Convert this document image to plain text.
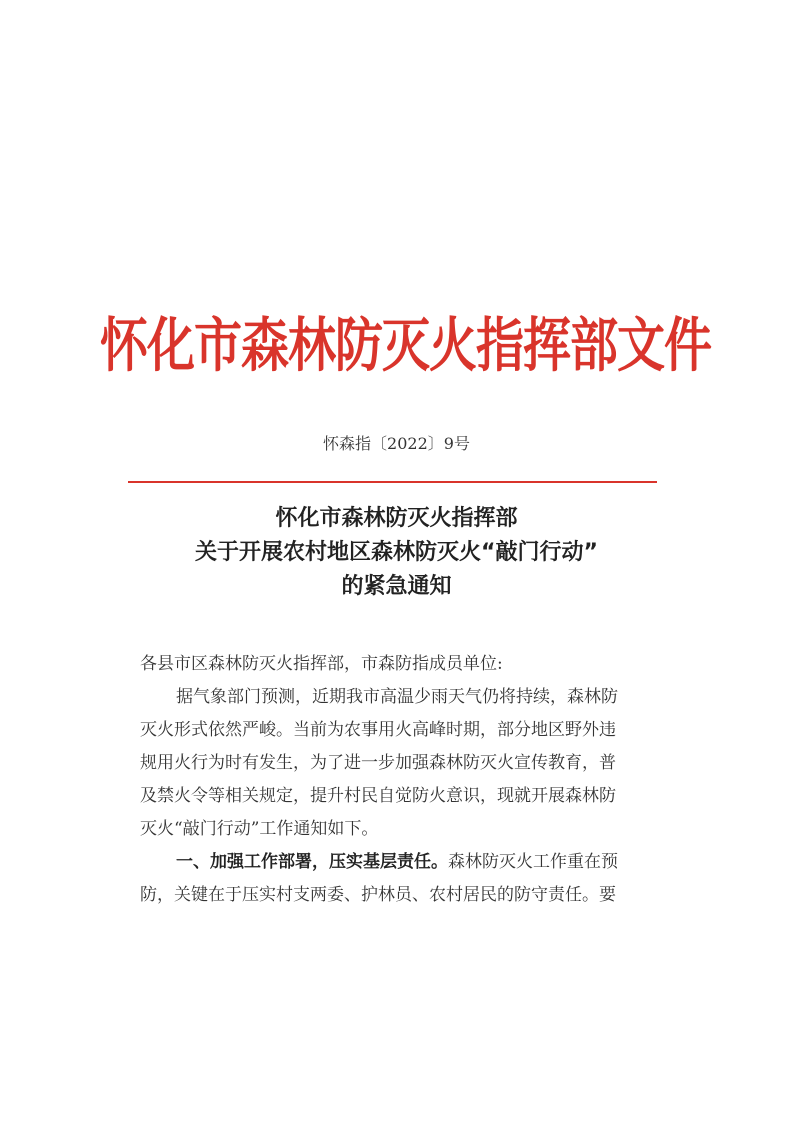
怀化市森林防灭火指挥部文件
怀森指〔2022〕9号
怀化市森林防灭火指挥部
关于开展农村地区森林防灭火“敲门行动”
的紧急通知
各县市区森林防灭火指挥部，市森防指成员单位:
据气象部门预测，近期我市高温少雨天气仍将持续，森林防
灭火形式依然严峻。当前为农事用火高峰时期，部分地区野外违
规用火行为时有发生，为了进一步加强森林防灭火宣传教育，普
及禁火令等相关规定，提升村民自觉防火意识，现就开展森林防
灭火“敲门行动”工作通知如下。
一、加强工作部署，压实基层责任。森林防灭火工作重在预
防，关键在于压实村支两委、护林员、农村居民的防守责任。要
